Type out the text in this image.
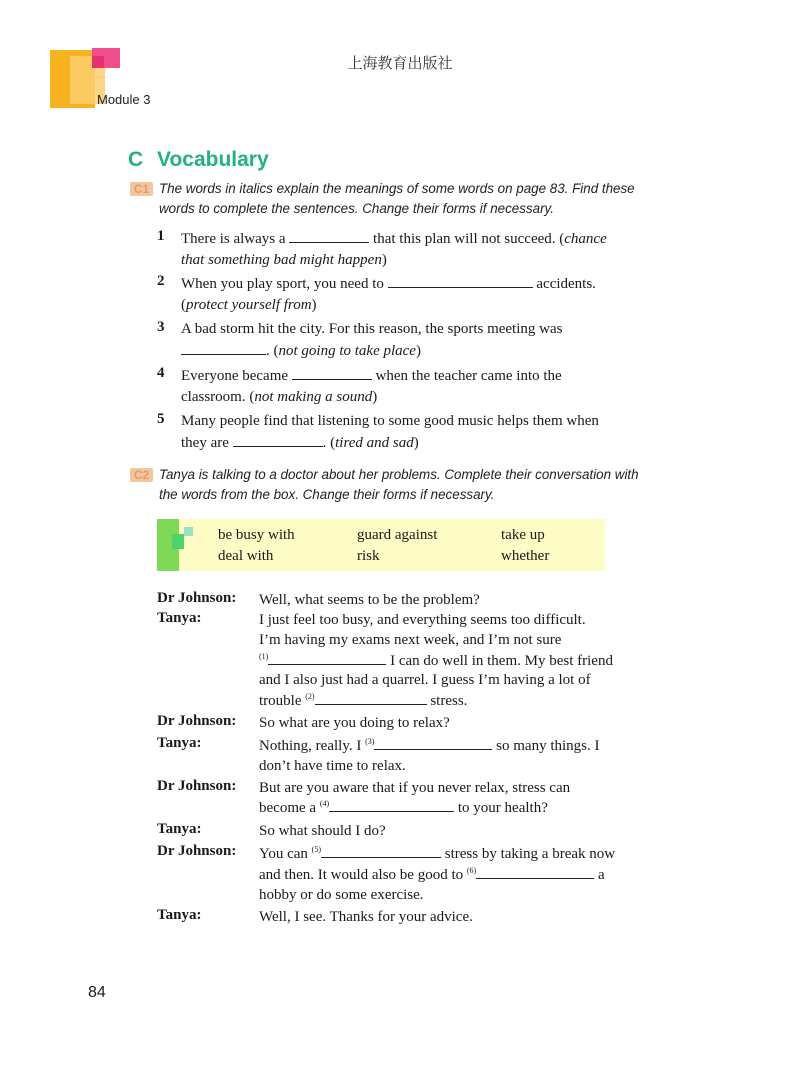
上海教育出版社
Module 3
C Vocabulary
C1 The words in italics explain the meanings of some words on page 83. Find these
words to complete the sentences. Change their forms if necessary.
1 There is always a	that this plan will not succeed. (chance
that something bad might happen)
2 When you play sport, you need to	accidents.
(protect yourself from)
3 A bad storm hit the city. For this reason, the sports meeting was
. (not going to take place)
4 Everyone became	when the teacher came into the
classroom. (not making a sound)
5 Many people find that listening to some good music helps them when
they are	. (tired and sad)
C2 Tanya is talking to a doctor about her problems. Complete their conversation with
the words from the box. Change their forms if necessary.
be busy with	guard against	take up
deal with	risk	whether
Dr Johnson: Well, what seems to be the problem?
Tanya:	I just feel too busy, and everything seems too difficult.
I’m having my exams next week, and I’m not sure
$^{(1)}$	I can do well in them. My best friend
and I also just had a quarrel. I guess I’m having a lot of
trouble $^{(2)}$	stress.
Dr Johnson: So what are you doing to relax?
Tanya:	Nothing, really. I $^{(3)}$	so many things. I
don’t have time to relax.
Dr Johnson: But are you aware that if you never relax, stress can
become a $^{(4)}$	to your health?
Tanya:	So what should I do?
Dr Johnson: You can $^{(5)}$	stress by taking a break now
and then. It would also be good to $^{(6)}$	a
hobby or do some exercise.
Tanya:	Well, I see. Thanks for your advice.
84
